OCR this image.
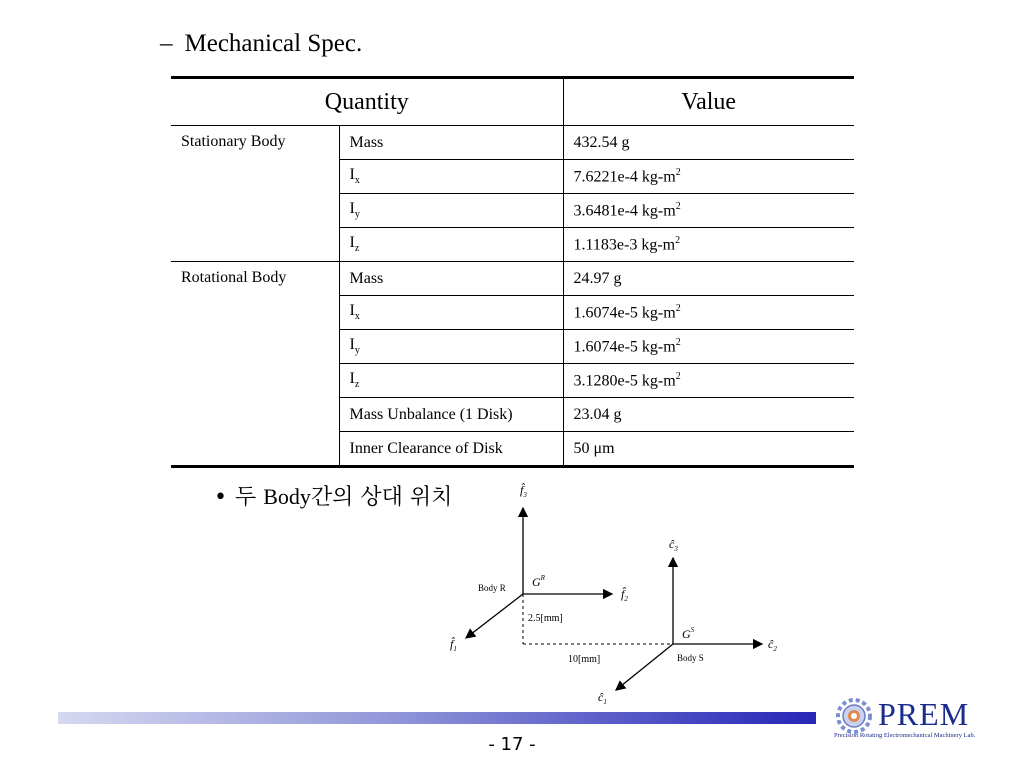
– Mechanical Spec.
Quantity		Value
Stationary Body	Mass	432.54 g
	$I_x$	7.6221e-4 $kg-m^2$
	$I_y$	3.6481e-4 $kg-m^2$
	$I_z$	1.1183e-3 $kg-m^2$
Rotational Body	Mass	24.97 g
	$I_x$	1.6074e-5 $kg-m^2$
	$I_y$	1.6074e-5 $kg-m^2$
	$I_z$	3.1280e-5 $kg-m^2$
	Mass Unbalance (1 Disk)	23.04 g
	Inner Clearance of Disk	50 μm
• 두 Body간의 상대 위치	$f̂_3$
$f̂_2$
$f̂_1$
$ĉ_3$
$ĉ_2$
$ĉ_1$
$G^R$
$G^S$
Body R
Body S
2.5[mm]
10[mm]
- 17 -
PREM
Precision Rotating Electromechanical Machinery Lab.
